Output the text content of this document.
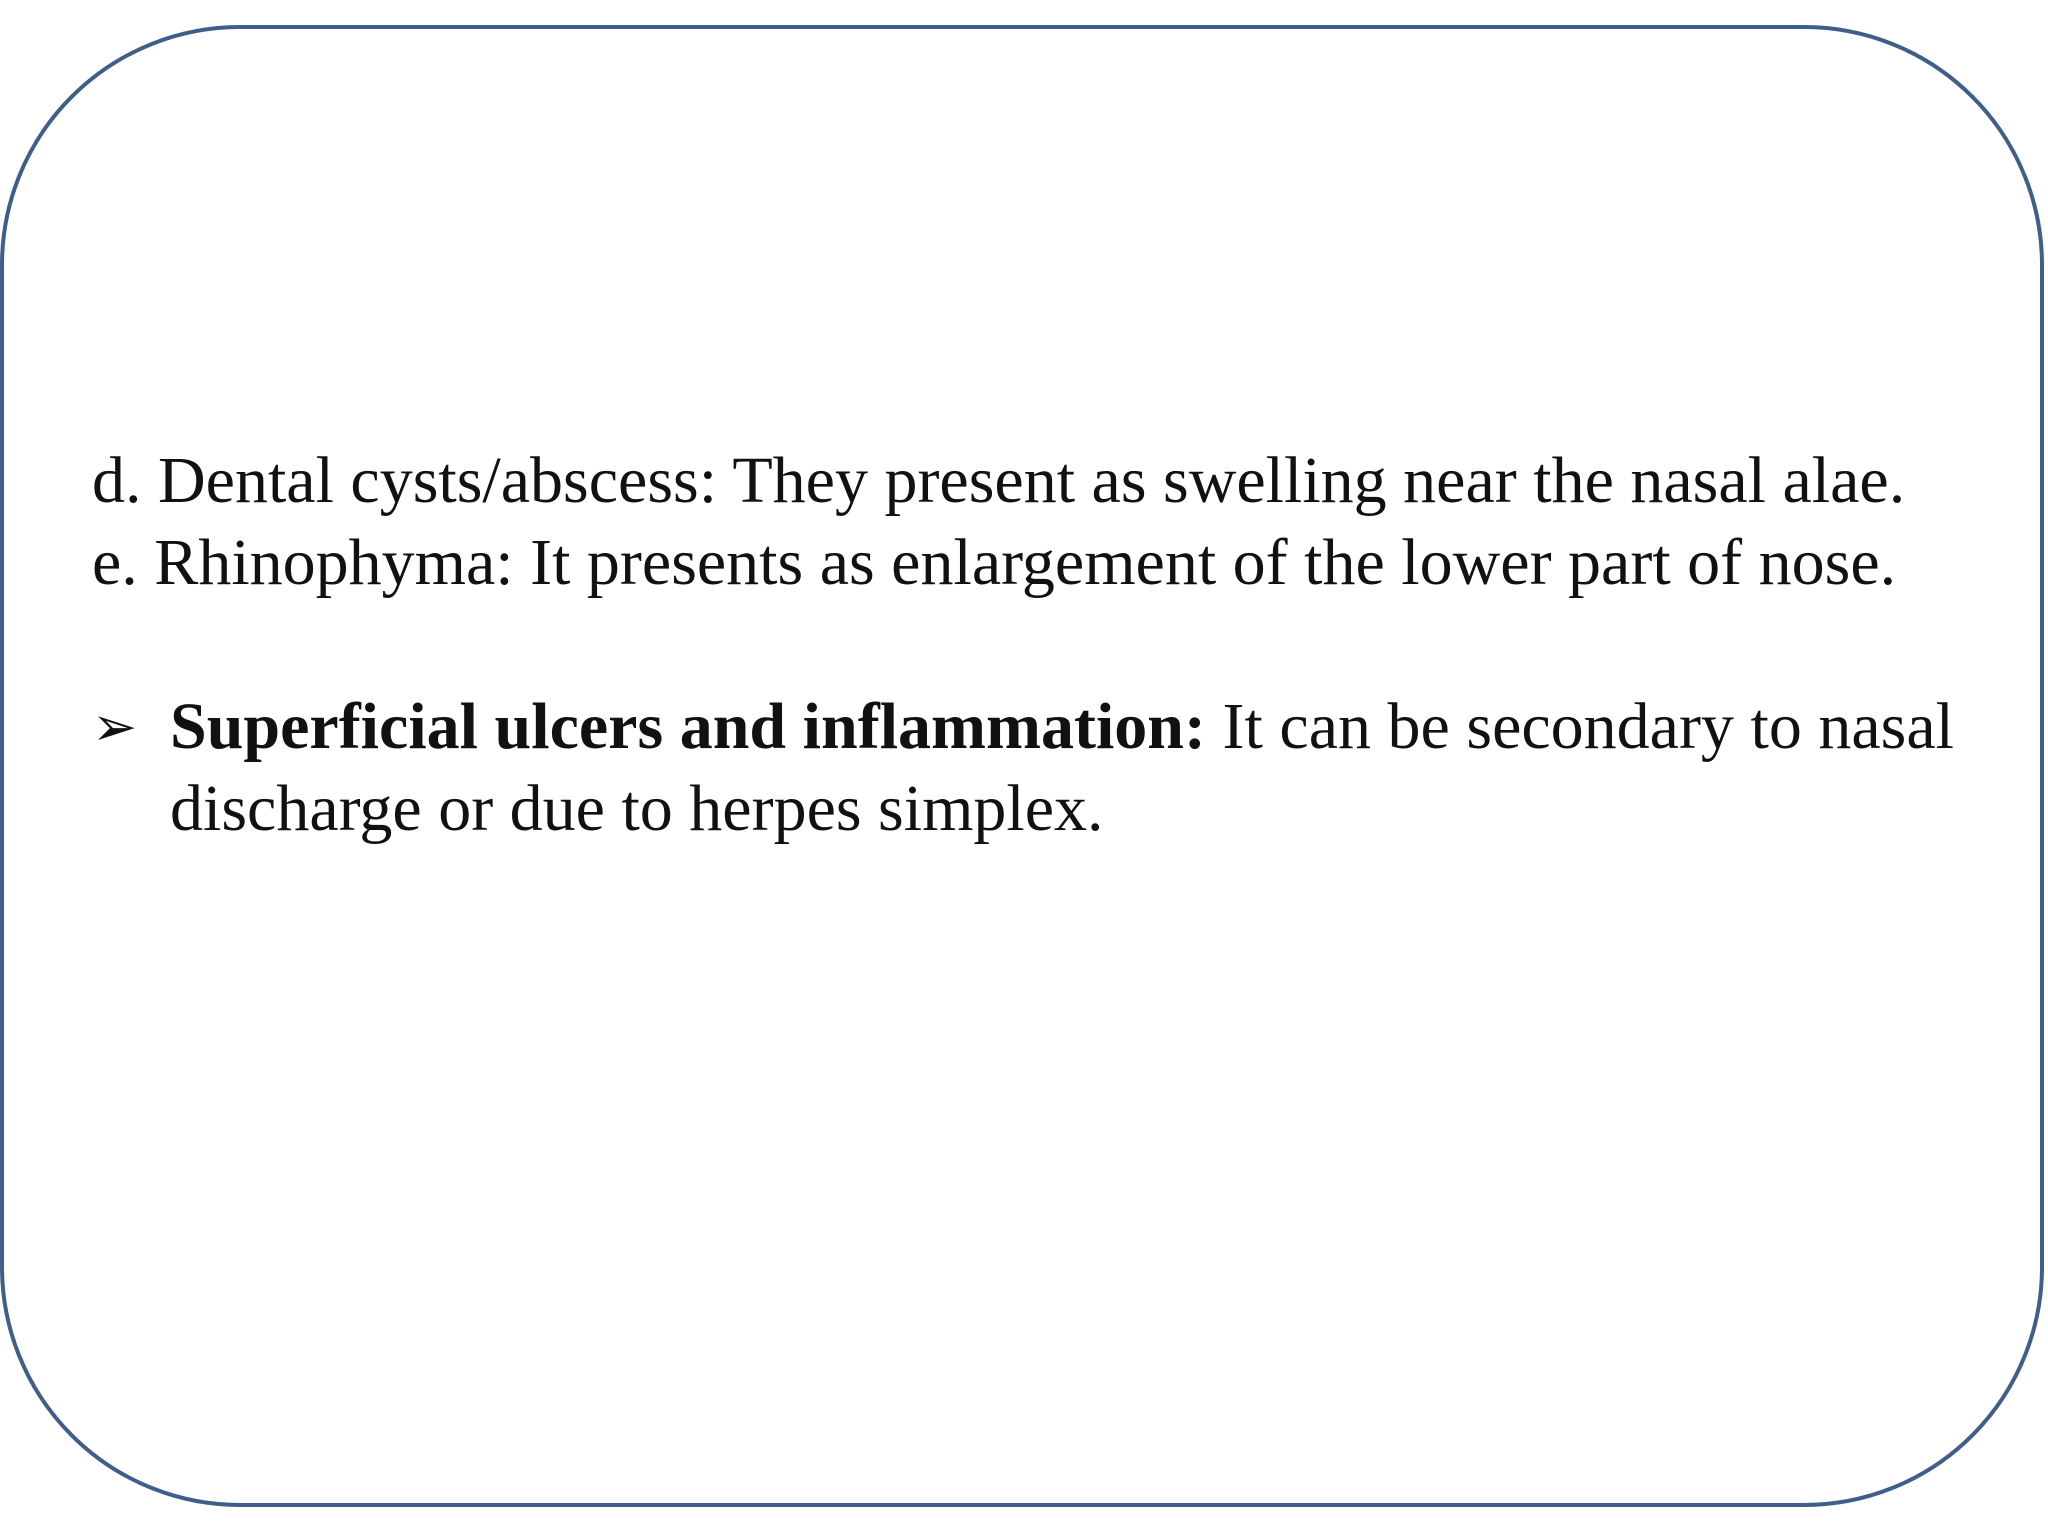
d. Dental cysts/abscess: They present as swelling near the nasal alae.

e. Rhinophyma: It presents as enlargement of the lower part of nose.

➢ Superficial ulcers and inflammation: It can be secondary to nasal discharge or due to herpes simplex.
